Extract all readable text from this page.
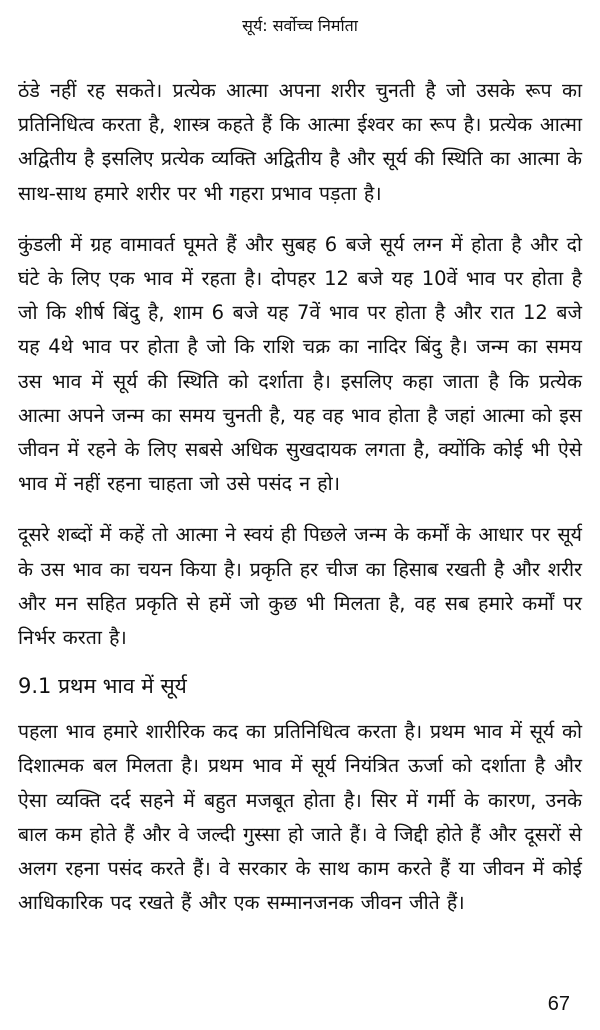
सूर्य: सर्वोच्च निर्माता

ठंडे नहीं रह सकते। प्रत्येक आत्मा अपना शरीर चुनती है जो उसके रूप का प्रतिनिधित्व करता है, शास्त्र कहते हैं कि आत्मा ईश्वर का रूप है। प्रत्येक आत्मा अद्वितीय है इसलिए प्रत्येक व्यक्ति अद्वितीय है और सूर्य की स्थिति का आत्मा के साथ-साथ हमारे शरीर पर भी गहरा प्रभाव पड़ता है।

कुंडली में ग्रह वामावर्त घूमते हैं और सुबह 6 बजे सूर्य लग्न में होता है और दो घंटे के लिए एक भाव में रहता है। दोपहर 12 बजे यह 10वें भाव पर होता है जो कि शीर्ष बिंदु है, शाम 6 बजे यह 7वें भाव पर होता है और रात 12 बजे यह 4थे भाव पर होता है जो कि राशि चक्र का नादिर बिंदु है। जन्म का समय उस भाव में सूर्य की स्थिति को दर्शाता है। इसलिए कहा जाता है कि प्रत्येक आत्मा अपने जन्म का समय चुनती है, यह वह भाव होता है जहां आत्मा को इस जीवन में रहने के लिए सबसे अधिक सुखदायक लगता है, क्योंकि कोई भी ऐसे भाव में नहीं रहना चाहता जो उसे पसंद न हो।

दूसरे शब्दों में कहें तो आत्मा ने स्वयं ही पिछले जन्म के कर्मों के आधार पर सूर्य के उस भाव का चयन किया है। प्रकृति हर चीज का हिसाब रखती है और शरीर और मन सहित प्रकृति से हमें जो कुछ भी मिलता है, वह सब हमारे कर्मों पर निर्भर करता है।

9.1 प्रथम भाव में सूर्य

पहला भाव हमारे शारीरिक कद का प्रतिनिधित्व करता है। प्रथम भाव में सूर्य को दिशात्मक बल मिलता है। प्रथम भाव में सूर्य नियंत्रित ऊर्जा को दर्शाता है और ऐसा व्यक्ति दर्द सहने में बहुत मजबूत होता है। सिर में गर्मी के कारण, उनके बाल कम होते हैं और वे जल्दी गुस्सा हो जाते हैं। वे जिद्दी होते हैं और दूसरों से अलग रहना पसंद करते हैं। वे सरकार के साथ काम करते हैं या जीवन में कोई आधिकारिक पद रखते हैं और एक सम्मानजनक जीवन जीते हैं।

67
